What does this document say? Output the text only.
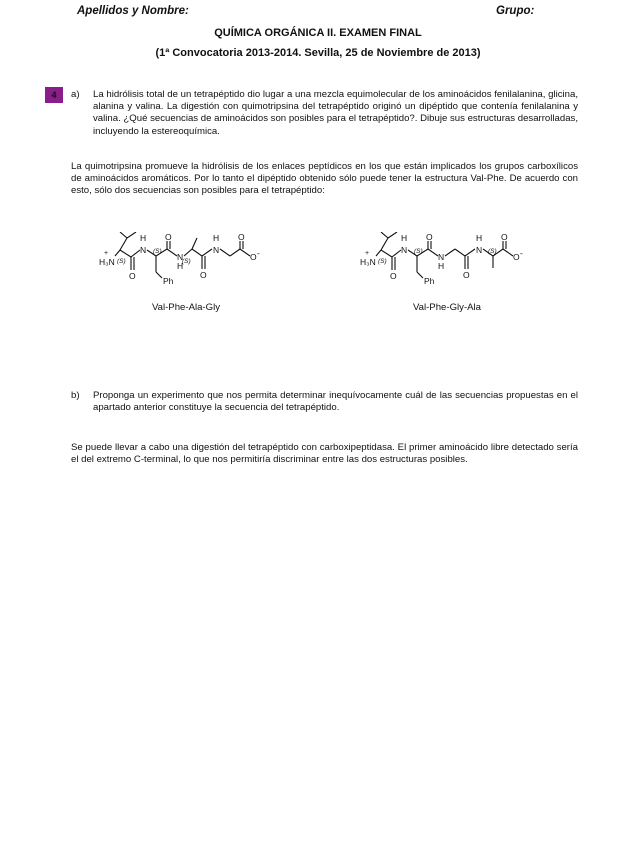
Apellidos y Nombre:	Grupo:
QUÍMICA ORGÁNICA II. EXAMEN FINAL
(1ª Convocatoria 2013-2014. Sevilla, 25 de Noviembre de 2013)
4	a) La hidrólisis total de un tetrapéptido dio lugar a una mezcla equimolecular de los aminoácidos fenilalanina, glicina, alanina y valina. La digestión con quimotripsina del tetrapéptido originó un dipéptido que contenía fenilalanina y valina. ¿Qué secuencias de aminoácidos son posibles para el tetrapéptido?. Dibuje sus estructuras desarrolladas, incluyendo la estereoquímica.
La quimotripsina promueve la hidrólisis de los enlaces peptídicos en los que están implicados los grupos carboxílicos de aminoácidos aromáticos. Por lo tanto el dipéptido obtenido sólo puede tener la estructura Val-Phe. De acuerdo con esto, sólo dos secuencias son posibles para el tetrapéptido:
+
H₃N (S)
O
H
N (S)
Ph
O
N
H
(S)
O
H
N
O
O -
Val-Phe-Ala-Gly
+
H₃N (S)
O
H
N (S)
Ph
O
N
H
O
H
N (S)
O
O -
Val-Phe-Gly-Ala
b) Proponga un experimento que nos permita determinar inequívocamente cuál de las secuencias propuestas en el apartado anterior constituye la secuencia del tetrapéptido.
Se puede llevar a cabo una digestión del tetrapéptido con carboxipeptidasa. El primer aminoácido libre detectado sería el del extremo C-terminal, lo que nos permitiría discriminar entre las dos estructuras posibles.
